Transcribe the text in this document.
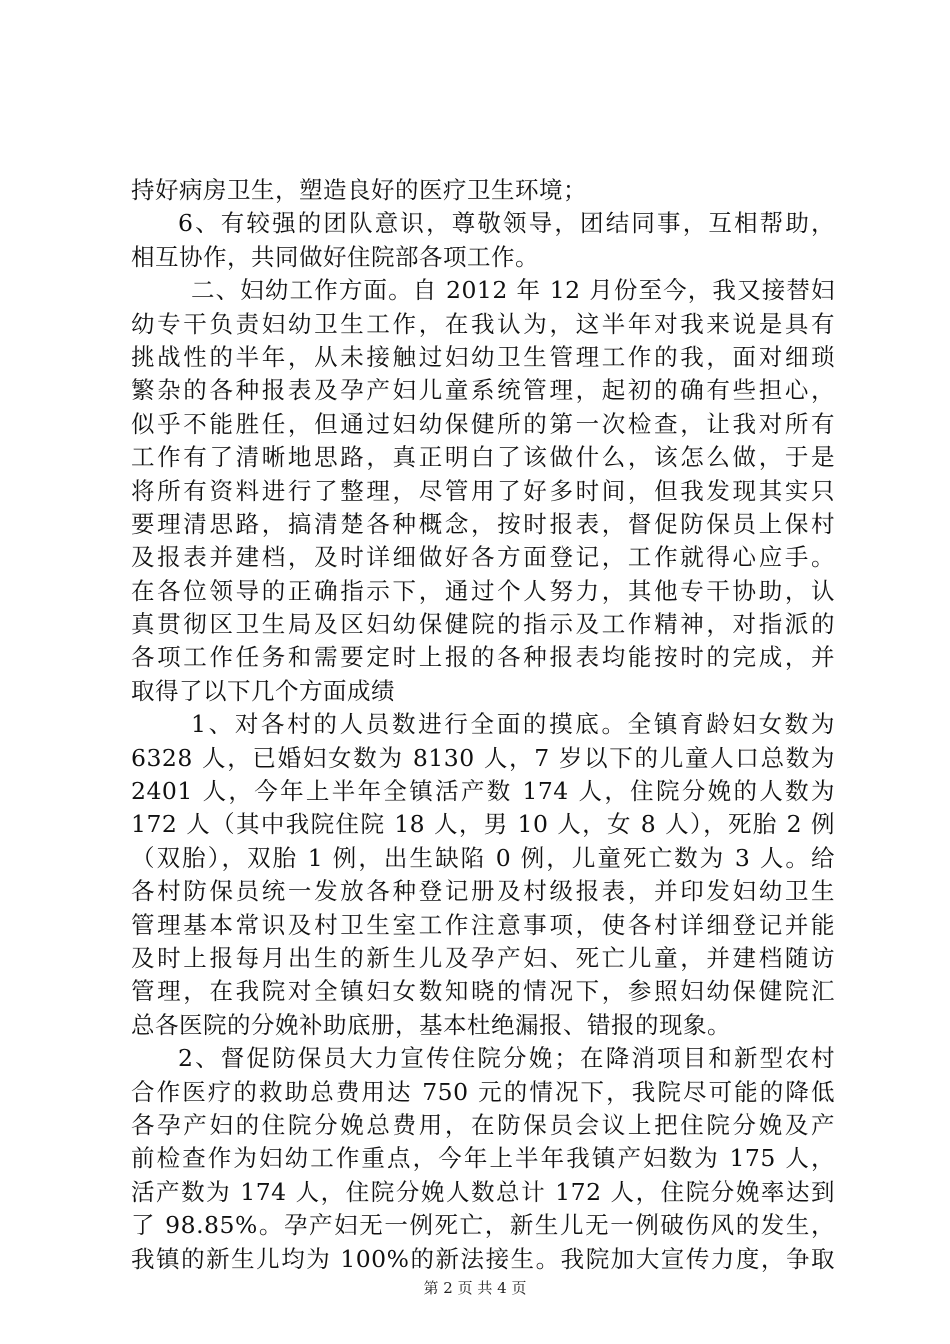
持好病房卫生，塑造良好的医疗卫生环境；
6、有较强的团队意识，尊敬领导，团结同事，互相帮助，
相互协作，共同做好住院部各项工作。
二、妇幼工作方面。自 2012 年 12 月份至今，我又接替妇
幼专干负责妇幼卫生工作，在我认为，这半年对我来说是具有
挑战性的半年，从未接触过妇幼卫生管理工作的我，面对细琐
繁杂的各种报表及孕产妇儿童系统管理，起初的确有些担心，
似乎不能胜任，但通过妇幼保健所的第一次检查，让我对所有
工作有了清晰地思路，真正明白了该做什么，该怎么做，于是
将所有资料进行了整理，尽管用了好多时间，但我发现其实只
要理清思路，搞清楚各种概念，按时报表，督促防保员上保村
及报表并建档，及时详细做好各方面登记，工作就得心应手。
在各位领导的正确指示下，通过个人努力，其他专干协助，认
真贯彻区卫生局及区妇幼保健院的指示及工作精神，对指派的
各项工作任务和需要定时上报的各种报表均能按时的完成，并
取得了以下几个方面成绩
1、对各村的人员数进行全面的摸底。全镇育龄妇女数为
6328 人，已婚妇女数为 8130 人，7 岁以下的儿童人口总数为
2401 人，今年上半年全镇活产数 174 人，住院分娩的人数为
172 人（其中我院住院 18 人，男 10 人，女 8 人），死胎 2 例
（双胎），双胎 1 例，出生缺陷 0 例，儿童死亡数为 3 人。给
各村防保员统一发放各种登记册及村级报表，并印发妇幼卫生
管理基本常识及村卫生室工作注意事项，使各村详细登记并能
及时上报每月出生的新生儿及孕产妇、死亡儿童，并建档随访
管理，在我院对全镇妇女数知晓的情况下，参照妇幼保健院汇
总各医院的分娩补助底册，基本杜绝漏报、错报的现象。
2、督促防保员大力宣传住院分娩；在降消项目和新型农村
合作医疗的救助总费用达 750 元的情况下，我院尽可能的降低
各孕产妇的住院分娩总费用，在防保员会议上把住院分娩及产
前检查作为妇幼工作重点，今年上半年我镇产妇数为 175 人，
活产数为 174 人，住院分娩人数总计 172 人，住院分娩率达到
了 98.85%。孕产妇无一例死亡，新生儿无一例破伤风的发生，
我镇的新生儿均为 100%的新法接生。我院加大宣传力度，争取
第 2 页 共 4 页
